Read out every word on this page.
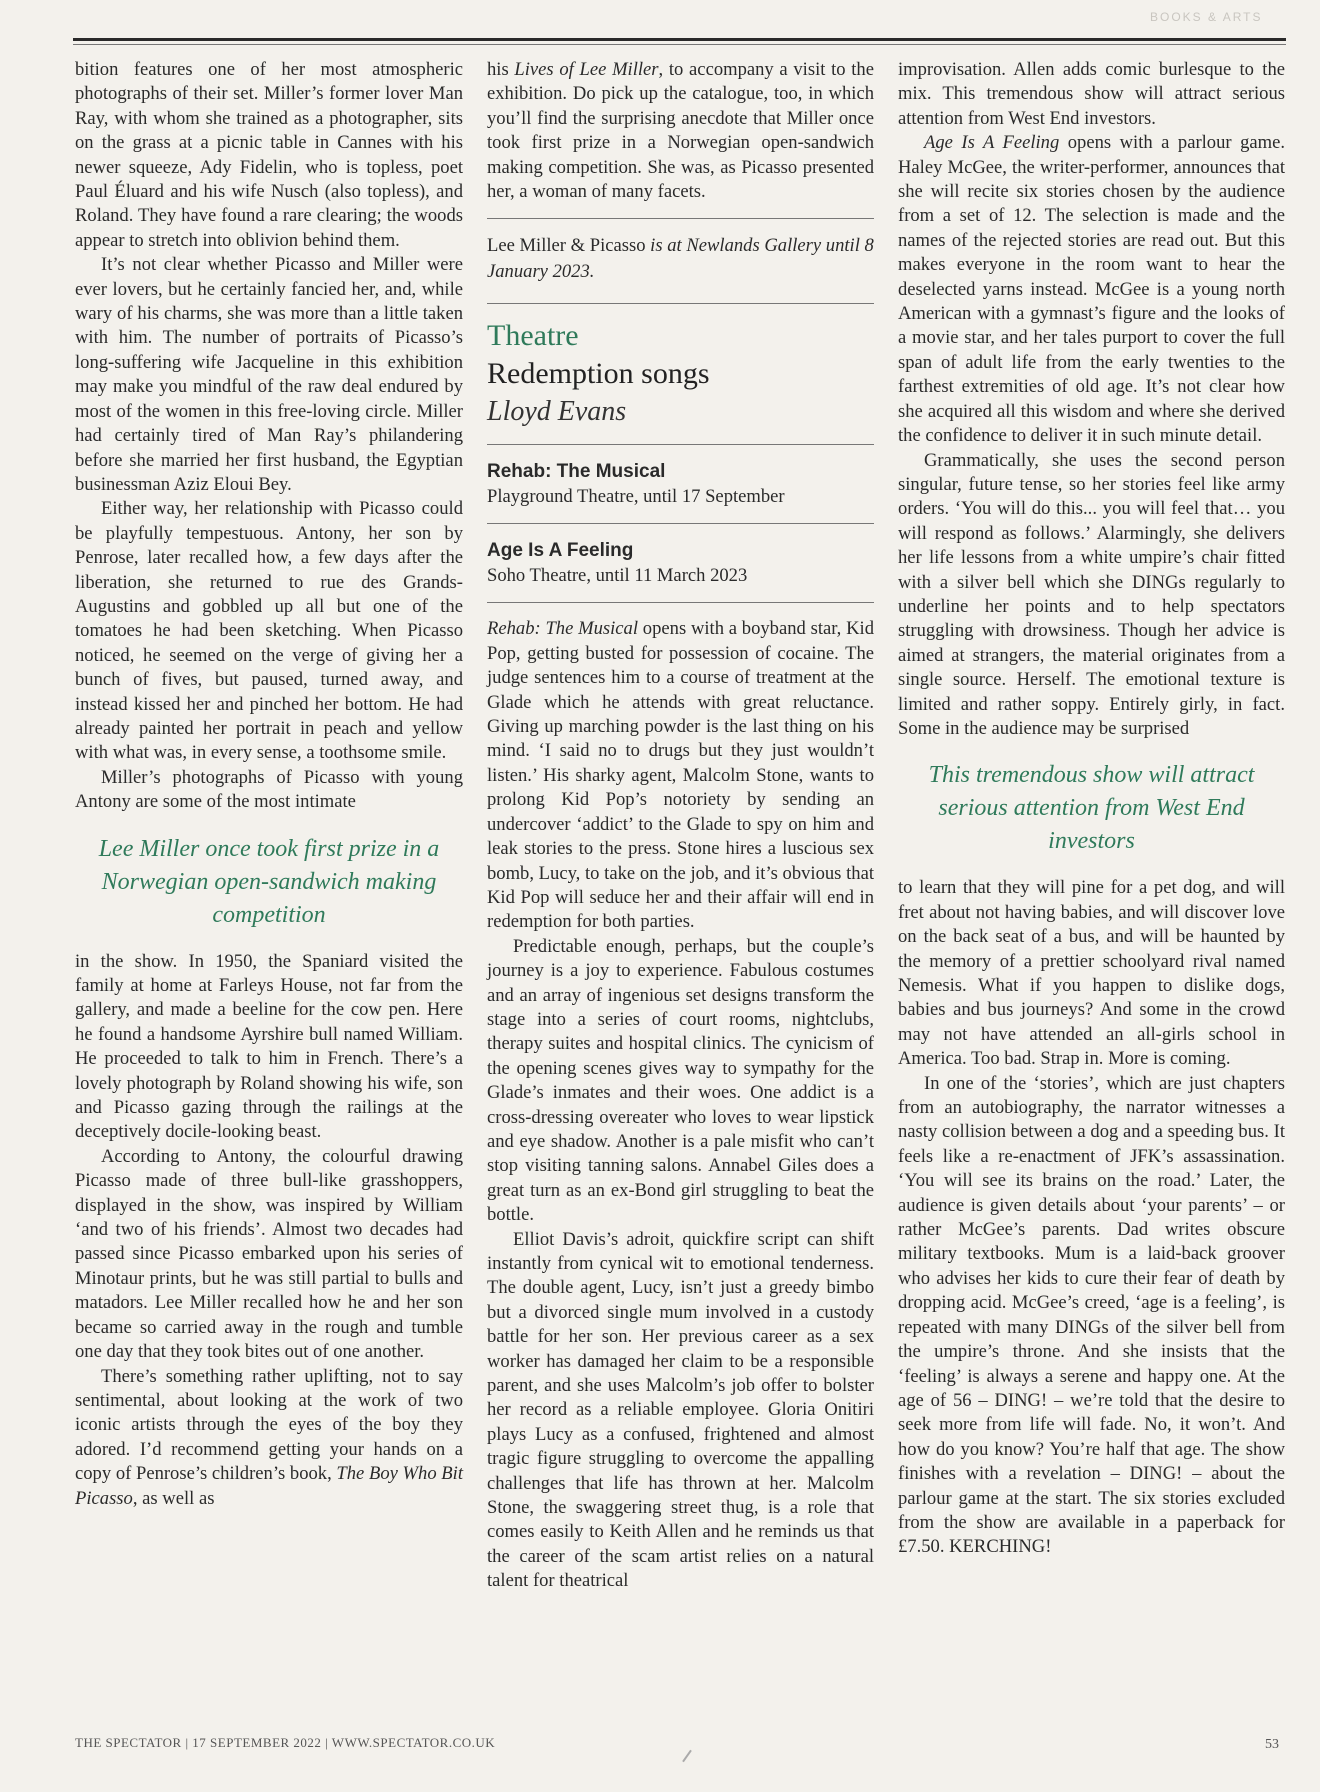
BOOKS & ARTS

bition features one of her most atmospheric photographs of their set. Miller’s former lover Man Ray, with whom she trained as a photographer, sits on the grass at a picnic table in Cannes with his newer squeeze, Ady Fidelin, who is topless, poet Paul Éluard and his wife Nusch (also topless), and Roland. They have found a rare clearing; the woods appear to stretch into oblivion behind them.

It’s not clear whether Picasso and Miller were ever lovers, but he certainly fancied her, and, while wary of his charms, she was more than a little taken with him. The number of portraits of Picasso’s long-suffering wife Jacqueline in this exhibition may make you mindful of the raw deal endured by most of the women in this free-loving circle. Miller had certainly tired of Man Ray’s philandering before she married her first husband, the Egyptian businessman Aziz Eloui Bey.

Either way, her relationship with Picasso could be playfully tempestuous. Antony, her son by Penrose, later recalled how, a few days after the liberation, she returned to rue des Grands-Augustins and gobbled up all but one of the tomatoes he had been sketching. When Picasso noticed, he seemed on the verge of giving her a bunch of fives, but paused, turned away, and instead kissed her and pinched her bottom. He had already painted her portrait in peach and yellow with what was, in every sense, a toothsome smile.

Miller’s photographs of Picasso with young Antony are some of the most intimate

Lee Miller once took first prize in a Norwegian open-sandwich making competition

in the show. In 1950, the Spaniard visited the family at home at Farleys House, not far from the gallery, and made a beeline for the cow pen. Here he found a handsome Ayrshire bull named William. He proceeded to talk to him in French. There’s a lovely photograph by Roland showing his wife, son and Picasso gazing through the railings at the deceptively docile-looking beast.

According to Antony, the colourful drawing Picasso made of three bull-like grasshoppers, displayed in the show, was inspired by William ‘and two of his friends’. Almost two decades had passed since Picasso embarked upon his series of Minotaur prints, but he was still partial to bulls and matadors. Lee Miller recalled how he and her son became so carried away in the rough and tumble one day that they took bites out of one another.

There’s something rather uplifting, not to say sentimental, about looking at the work of two iconic artists through the eyes of the boy they adored. I’d recommend getting your hands on a copy of Penrose’s children’s book, The Boy Who Bit Picasso, as well as

his Lives of Lee Miller, to accompany a visit to the exhibition. Do pick up the catalogue, too, in which you’ll find the surprising anecdote that Miller once took first prize in a Norwegian open-sandwich making competition. She was, as Picasso presented her, a woman of many facets.

Lee Miller & Picasso is at Newlands Gallery until 8 January 2023.
Theatre
Redemption songs
Lloyd Evans
Rehab: The Musical
Playground Theatre, until 17 September
Age Is A Feeling
Soho Theatre, until 11 March 2023

Rehab: The Musical opens with a boyband star, Kid Pop, getting busted for possession of cocaine. The judge sentences him to a course of treatment at the Glade which he attends with great reluctance. Giving up marching powder is the last thing on his mind. ‘I said no to drugs but they just wouldn’t listen.’ His sharky agent, Malcolm Stone, wants to prolong Kid Pop’s notoriety by sending an undercover ‘addict’ to the Glade to spy on him and leak stories to the press. Stone hires a luscious sex bomb, Lucy, to take on the job, and it’s obvious that Kid Pop will seduce her and their affair will end in redemption for both parties.

Predictable enough, perhaps, but the couple’s journey is a joy to experience. Fabulous costumes and an array of ingenious set designs transform the stage into a series of court rooms, nightclubs, therapy suites and hospital clinics. The cynicism of the opening scenes gives way to sympathy for the Glade’s inmates and their woes. One addict is a cross-dressing overeater who loves to wear lipstick and eye shadow. Another is a pale misfit who can’t stop visiting tanning salons. Annabel Giles does a great turn as an ex-Bond girl struggling to beat the bottle.

Elliot Davis’s adroit, quickfire script can shift instantly from cynical wit to emotional tenderness. The double agent, Lucy, isn’t just a greedy bimbo but a divorced single mum involved in a custody battle for her son. Her previous career as a sex worker has damaged her claim to be a responsible parent, and she uses Malcolm’s job offer to bolster her record as a reliable employee. Gloria Onitiri plays Lucy as a confused, frightened and almost tragic figure struggling to overcome the appalling challenges that life has thrown at her. Malcolm Stone, the swaggering street thug, is a role that comes easily to Keith Allen and he reminds us that the career of the scam artist relies on a natural talent for theatrical

improvisation. Allen adds comic burlesque to the mix. This tremendous show will attract serious attention from West End investors.

Age Is A Feeling opens with a parlour game. Haley McGee, the writer-performer, announces that she will recite six stories chosen by the audience from a set of 12. The selection is made and the names of the rejected stories are read out. But this makes everyone in the room want to hear the deselected yarns instead. McGee is a young north American with a gymnast’s figure and the looks of a movie star, and her tales purport to cover the full span of adult life from the early twenties to the farthest extremities of old age. It’s not clear how she acquired all this wisdom and where she derived the confidence to deliver it in such minute detail.

Grammatically, she uses the second person singular, future tense, so her stories feel like army orders. ‘You will do this... you will feel that… you will respond as follows.’ Alarmingly, she delivers her life lessons from a white umpire’s chair fitted with a silver bell which she DINGs regularly to underline her points and to help spectators struggling with drowsiness. Though her advice is aimed at strangers, the material originates from a single source. Herself. The emotional texture is limited and rather soppy. Entirely girly, in fact. Some in the audience may be surprised

This tremendous show will attract serious attention from West End investors

to learn that they will pine for a pet dog, and will fret about not having babies, and will discover love on the back seat of a bus, and will be haunted by the memory of a prettier schoolyard rival named Nemesis. What if you happen to dislike dogs, babies and bus journeys? And some in the crowd may not have attended an all-girls school in America. Too bad. Strap in. More is coming.

In one of the ‘stories’, which are just chapters from an autobiography, the narrator witnesses a nasty collision between a dog and a speeding bus. It feels like a re-enactment of JFK’s assassination. ‘You will see its brains on the road.’ Later, the audience is given details about ‘your parents’ – or rather McGee’s parents. Dad writes obscure military textbooks. Mum is a laid-back groover who advises her kids to cure their fear of death by dropping acid. McGee’s creed, ‘age is a feeling’, is repeated with many DINGs of the silver bell from the umpire’s throne. And she insists that the ‘feeling’ is always a serene and happy one. At the age of 56 – DING! – we’re told that the desire to seek more from life will fade. No, it won’t. And how do you know? You’re half that age. The show finishes with a revelation – DING! – about the parlour game at the start. The six stories excluded from the show are available in a paperback for £7.50. KERCHING!

THE SPECTATOR | 17 SEPTEMBER 2022 | WWW.SPECTATOR.CO.UK	53
